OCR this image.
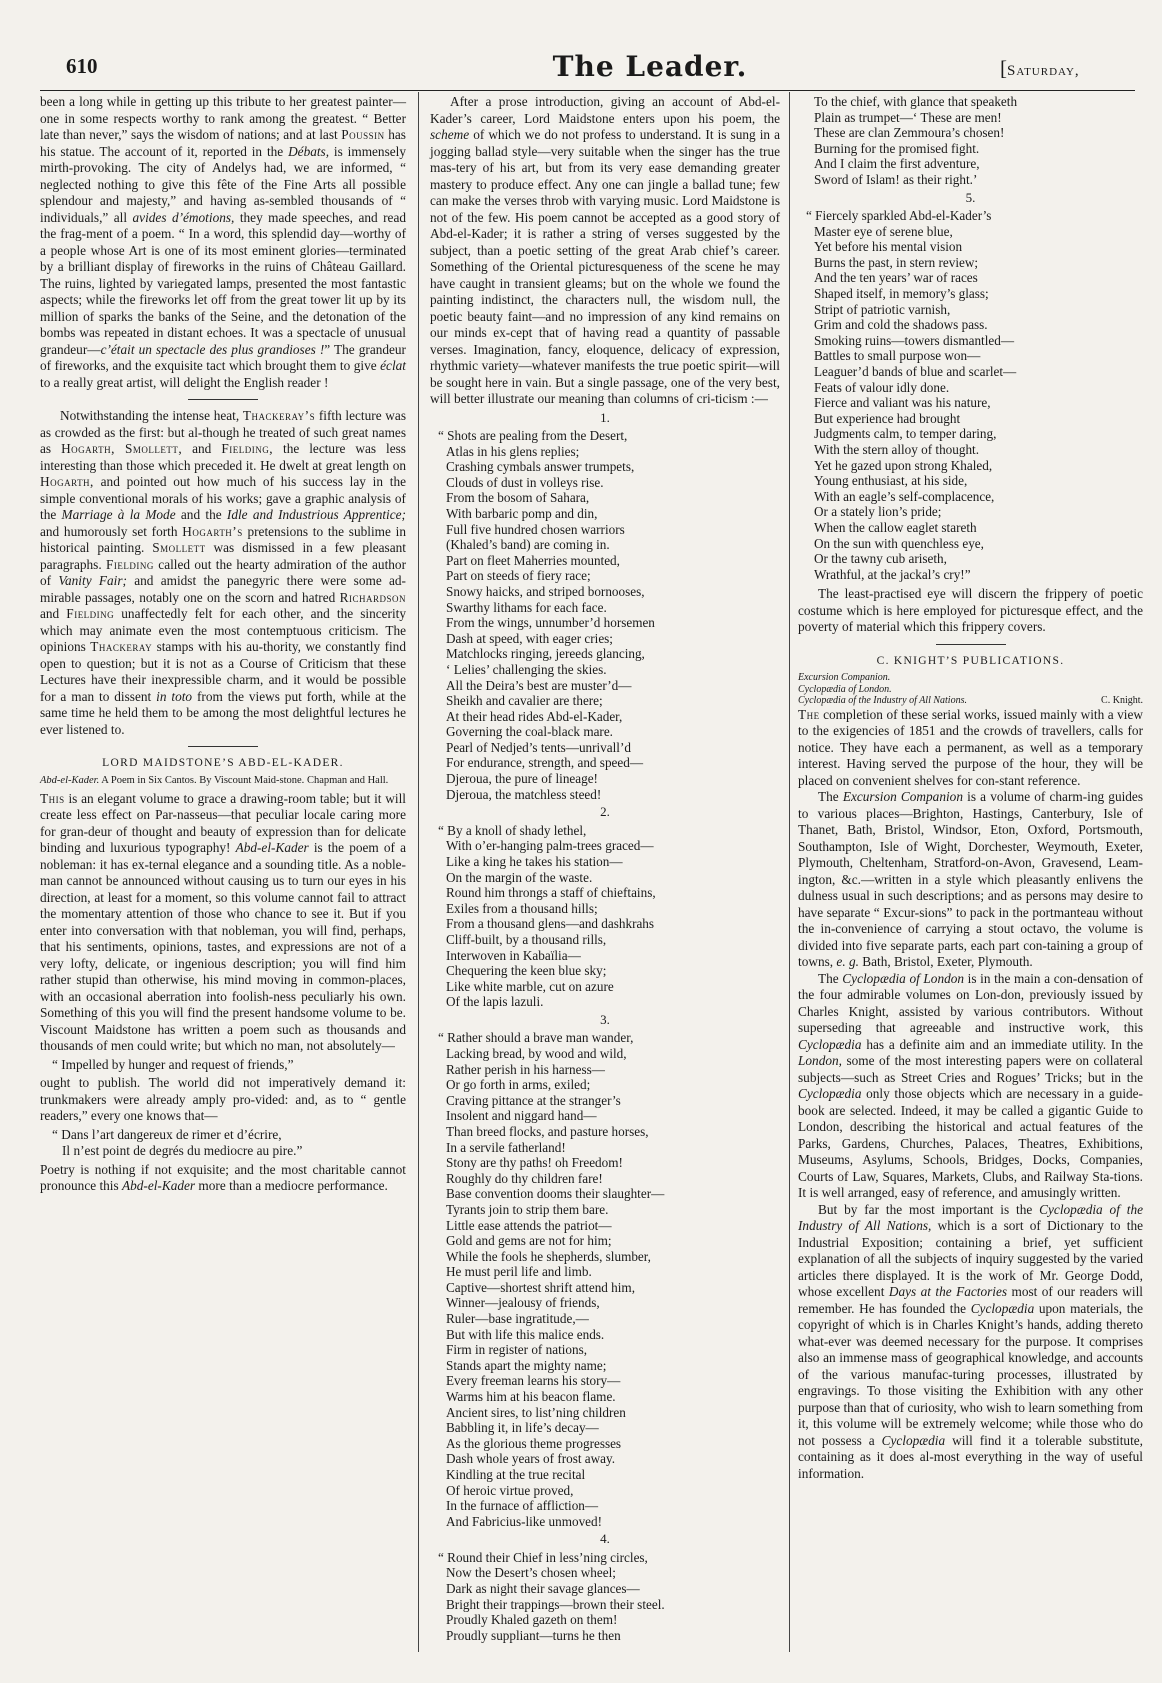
610	The Leader.	[Saturday,

been a long while in getting up this tribute to her greatest painter—one in some respects worthy to rank among the greatest. “ Better late than never,” says the wisdom of nations; and at last Poussin has his statue. The account of it, reported in the Débats, is immensely mirth-provoking. The city of Andelys had, we are informed, “ neglected nothing to give this fête of the Fine Arts all possible splendour and majesty,” and having as-sembled thousands of “ individuals,” all avides d’émotions, they made speeches, and read the frag-ment of a poem. “ In a word, this splendid day—worthy of a people whose Art is one of its most eminent glories—terminated by a brilliant display of fireworks in the ruins of Château Gaillard. The ruins, lighted by variegated lamps, presented the most fantastic aspects; while the fireworks let off from the great tower lit up by its million of sparks the banks of the Seine, and the detonation of the bombs was repeated in distant echoes. It was a spectacle of unusual grandeur—c’était un spectacle des plus grandioses !” The grandeur of fireworks, and the exquisite tact which brought them to give éclat to a really great artist, will delight the English reader !

Notwithstanding the intense heat, Thackeray’s fifth lecture was as crowded as the first: but al-though he treated of such great names as Hogarth, Smollett, and Fielding, the lecture was less interesting than those which preceded it. He dwelt at great length on Hogarth, and pointed out how much of his success lay in the simple conventional morals of his works; gave a graphic analysis of the Marriage à la Mode and the Idle and Industrious Apprentice; and humorously set forth Hogarth’s pretensions to the sublime in historical painting. Smollett was dismissed in a few pleasant paragraphs. Fielding called out the hearty admiration of the author of Vanity Fair; and amidst the panegyric there were some ad-mirable passages, notably one on the scorn and hatred Richardson and Fielding unaffectedly felt for each other, and the sincerity which may animate even the most contemptuous criticism. The opinions Thackeray stamps with his au-thority, we constantly find open to question; but it is not as a Course of Criticism that these Lectures have their inexpressible charm, and it would be possible for a man to dissent in toto from the views put forth, while at the same time he held them to be among the most delightful lectures he ever listened to.

LORD MAIDSTONE’S ABD-EL-KADER.
Abd-el-Kader. A Poem in Six Cantos. By Viscount Maid-stone. Chapman and Hall.

This is an elegant volume to grace a drawing-room table; but it will create less effect on Par-nasseus—that peculiar locale caring more for gran-deur of thought and beauty of expression than for delicate binding and luxurious typography! Abd-el-Kader is the poem of a nobleman: it has ex-ternal elegance and a sounding title. As a noble-man cannot be announced without causing us to turn our eyes in his direction, at least for a moment, so this volume cannot fail to attract the momentary attention of those who chance to see it. But if you enter into conversation with that nobleman, you will find, perhaps, that his sentiments, opinions, tastes, and expressions are not of a very lofty, delicate, or ingenious description; you will find him rather stupid than otherwise, his mind moving in common-places, with an occasional aberration into foolish-ness peculiarly his own. Something of this you will find the present handsome volume to be. Viscount Maidstone has written a poem such as thousands and thousands of men could write; but which no man, not absolutely—

“ Impelled by hunger and request of friends,”

ought to publish. The world did not imperatively demand it: trunkmakers were already amply pro-vided: and, as to “ gentle readers,” every one knows that—

“ Dans l’art dangereux de rimer et d’écrire,
Il n’est point de degrés du mediocre au pire.”

Poetry is nothing if not exquisite; and the most charitable cannot pronounce this Abd-el-Kader more than a mediocre performance.

After a prose introduction, giving an account of Abd-el-Kader’s career, Lord Maidstone enters upon his poem, the scheme of which we do not profess to understand. It is sung in a jogging ballad style—very suitable when the singer has the true mas-tery of his art, but from its very ease demanding greater mastery to produce effect. Any one can jingle a ballad tune; few can make the verses throb with varying music. Lord Maidstone is not of the few. His poem cannot be accepted as a good story of Abd-el-Kader; it is rather a string of verses suggested by the subject, than a poetic setting of the great Arab chief’s career. Something of the Oriental picturesqueness of the scene he may have caught in transient gleams; but on the whole we found the painting indistinct, the characters null, the wisdom null, the poetic beauty faint—and no impression of any kind remains on our minds ex-cept that of having read a quantity of passable verses. Imagination, fancy, eloquence, delicacy of expression, rhythmic variety—whatever manifests the true poetic spirit—will be sought here in vain. But a single passage, one of the very best, will better illustrate our meaning than columns of cri-ticism :—

1.
“ Shots are pealing from the Desert,
Atlas in his glens replies;
Crashing cymbals answer trumpets,
Clouds of dust in volleys rise.
From the bosom of Sahara,
With barbaric pomp and din,
Full five hundred chosen warriors
(Khaled’s band) are coming in.
Part on fleet Maherries mounted,
Part on steeds of fiery race;
Snowy haicks, and striped bornooses,
Swarthy lithams for each face.
From the wings, unnumber’d horsemen
Dash at speed, with eager cries;
Matchlocks ringing, jereeds glancing,
‘ Lelies’ challenging the skies.
All the Deira’s best are muster’d—
Sheikh and cavalier are there;
At their head rides Abd-el-Kader,
Governing the coal-black mare.
Pearl of Nedjed’s tents—unrivall’d
For endurance, strength, and speed—
Djeroua, the pure of lineage!
Djeroua, the matchless steed!
2.
“ By a knoll of shady lethel,
With o’er-hanging palm-trees graced—
Like a king he takes his station—
On the margin of the waste.
Round him throngs a staff of chieftains,
Exiles from a thousand hills;
From a thousand glens—and dashkrahs
Cliff-built, by a thousand rills,
Interwoven in Kabaïlia—
Chequering the keen blue sky;
Like white marble, cut on azure
Of the lapis lazuli.
3.
“ Rather should a brave man wander,
Lacking bread, by wood and wild,
Rather perish in his harness—
Or go forth in arms, exiled;
Craving pittance at the stranger’s
Insolent and niggard hand—
Than breed flocks, and pasture horses,
In a servile fatherland!
Stony are thy paths! oh Freedom!
Roughly do thy children fare!
Base convention dooms their slaughter—
Tyrants join to strip them bare.
Little ease attends the patriot—
Gold and gems are not for him;
While the fools he shepherds, slumber,
He must peril life and limb.
Captive—shortest shrift attend him,
Winner—jealousy of friends,
Ruler—base ingratitude,—
But with life this malice ends.
Firm in register of nations,
Stands apart the mighty name;
Every freeman learns his story—
Warms him at his beacon flame.
Ancient sires, to list’ning children
Babbling it, in life’s decay—
As the glorious theme progresses
Dash whole years of frost away.
Kindling at the true recital
Of heroic virtue proved,
In the furnace of affliction—
And Fabricius-like unmoved!
4.
“ Round their Chief in less’ning circles,
Now the Desert’s chosen wheel;
Dark as night their savage glances—
Bright their trappings—brown their steel.
Proudly Khaled gazeth on them!
Proudly suppliant—turns he then
To the chief, with glance that speaketh
Plain as trumpet—‘ These are men!
These are clan Zemmoura’s chosen!
Burning for the promised fight.
And I claim the first adventure,
Sword of Islam! as their right.’
5.
“ Fiercely sparkled Abd-el-Kader’s
Master eye of serene blue,
Yet before his mental vision
Burns the past, in stern review;
And the ten years’ war of races
Shaped itself, in memory’s glass;
Stript of patriotic varnish,
Grim and cold the shadows pass.
Smoking ruins—towers dismantled—
Battles to small purpose won—
Leaguer’d bands of blue and scarlet—
Feats of valour idly done.
Fierce and valiant was his nature,
But experience had brought
Judgments calm, to temper daring,
With the stern alloy of thought.
Yet he gazed upon strong Khaled,
Young enthusiast, at his side,
With an eagle’s self-complacence,
Or a stately lion’s pride;
When the callow eaglet stareth
On the sun with quenchless eye,
Or the tawny cub ariseth,
Wrathful, at the jackal’s cry!”

The least-practised eye will discern the frippery of poetic costume which is here employed for picturesque effect, and the poverty of material which this frippery covers.

C. KNIGHT’S PUBLICATIONS.
Excursion Companion.
Cyclopædia of London.
Cyclopædia of the Industry of All Nations.	C. Knight.

The completion of these serial works, issued mainly with a view to the exigencies of 1851 and the crowds of travellers, calls for notice. They have each a permanent, as well as a temporary interest. Having served the purpose of the hour, they will be placed on convenient shelves for con-stant reference.

The Excursion Companion is a volume of charm-ing guides to various places—Brighton, Hastings, Canterbury, Isle of Thanet, Bath, Bristol, Windsor, Eton, Oxford, Portsmouth, Southampton, Isle of Wight, Dorchester, Weymouth, Exeter, Plymouth, Cheltenham, Stratford-on-Avon, Gravesend, Leam-ington, &c.—written in a style which pleasantly enlivens the dulness usual in such descriptions; and as persons may desire to have separate “ Excur-sions” to pack in the portmanteau without the in-convenience of carrying a stout octavo, the volume is divided into five separate parts, each part con-taining a group of towns, e. g. Bath, Bristol, Exeter, Plymouth.

The Cyclopædia of London is in the main a con-densation of the four admirable volumes on Lon-don, previously issued by Charles Knight, assisted by various contributors. Without superseding that agreeable and instructive work, this Cyclopædia has a definite aim and an immediate utility. In the London, some of the most interesting papers were on collateral subjects—such as Street Cries and Rogues’ Tricks; but in the Cyclopædia only those objects which are necessary in a guide-book are selected. Indeed, it may be called a gigantic Guide to London, describing the historical and actual features of the Parks, Gardens, Churches, Palaces, Theatres, Exhibitions, Museums, Asylums, Schools, Bridges, Docks, Companies, Courts of Law, Squares, Markets, Clubs, and Railway Sta-tions. It is well arranged, easy of reference, and amusingly written.

But by far the most important is the Cyclopædia of the Industry of All Nations, which is a sort of Dictionary to the Industrial Exposition; containing a brief, yet sufficient explanation of all the subjects of inquiry suggested by the varied articles there displayed. It is the work of Mr. George Dodd, whose excellent Days at the Factories most of our readers will remember. He has founded the Cyclopædia upon materials, the copyright of which is in Charles Knight’s hands, adding thereto what-ever was deemed necessary for the purpose. It comprises also an immense mass of geographical knowledge, and accounts of the various manufac-turing processes, illustrated by engravings. To those visiting the Exhibition with any other purpose than that of curiosity, who wish to learn something from it, this volume will be extremely welcome; while those who do not possess a Cyclopædia will find it a tolerable substitute, containing as it does al-most everything in the way of useful information.
